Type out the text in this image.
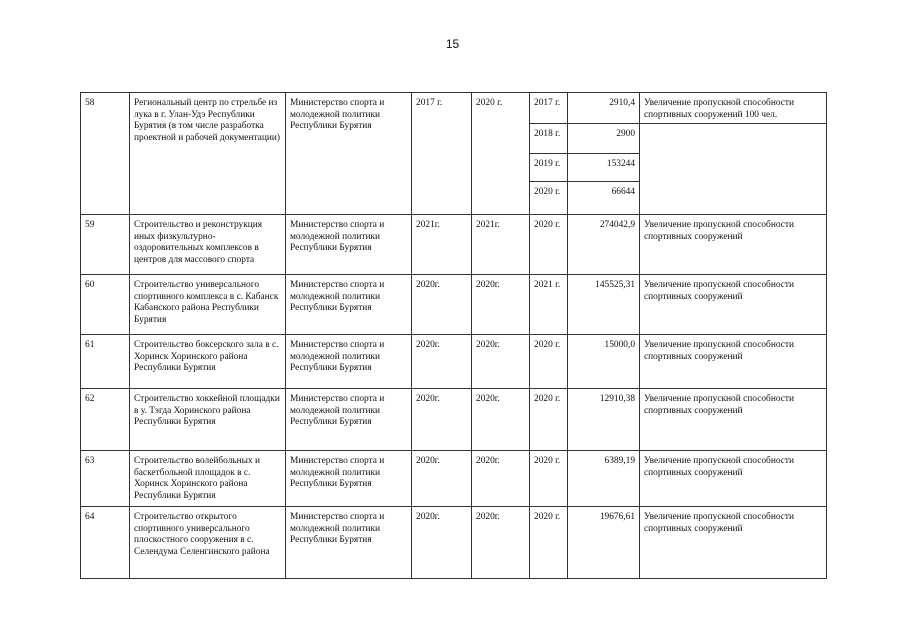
15
58	Региональный центр по стрельбе из лука в г. Улан-Удэ Республики Бурятия (в том числе разработка проектной и рабочей документации)	Министерство спорта и молодежной политики Республики Бурятия	2017 г.	2020 г.	2017 г.	2910,4	Увеличение пропускной способности спортивных сооружений 100 чел.
					2018 г.	2900	
					2019 г.	153244	
					2020 г.	66644	
59	Строительство и реконструкция иных физкультурно-оздоровительных комплексов в центров для массового спорта	Министерство спорта и молодежной политики Республики Бурятия	2021г.	2021г.	2020 г.	274042,9	Увеличение пропускной способности спортивных сооружений
60	Строительство универсального спортивного комплекса в с. Кабанск Кабанского района Республики Бурятия	Министерство спорта и молодежной политики Республики Бурятия	2020г.	2020г.	2021 г.	145525,31	Увеличение пропускной способности спортивных сооружений
61	Строительство боксерского зала в с. Хоринск Хоринского района Республики Бурятия	Министерство спорта и молодежной политики Республики Бурятия	2020г.	2020г.	2020 г.	15000,0	Увеличение пропускной способности спортивных сооружений
62	Строительство хоккейной площадки в у. Тэгда Хоринского района Республики Бурятия	Министерство спорта и молодежной политики Республики Бурятия	2020г.	2020г.	2020 г.	12910,38	Увеличение пропускной способности спортивных сооружений
63	Строительство волейбольных и баскетбольной площадок в с. Хоринск Хоринского района Республики Бурятия	Министерство спорта и молодежной политики Республики Бурятия	2020г.	2020г.	2020 г.	6389,19	Увеличение пропускной способности спортивных сооружений
64	Строительство открытого спортивного универсального плоскостного сооружения в с. Селендума Селенгинского района	Министерство спорта и молодежной политики Республики Бурятия	2020г.	2020г.	2020 г.	19676,61	Увеличение пропускной способности спортивных сооружений
